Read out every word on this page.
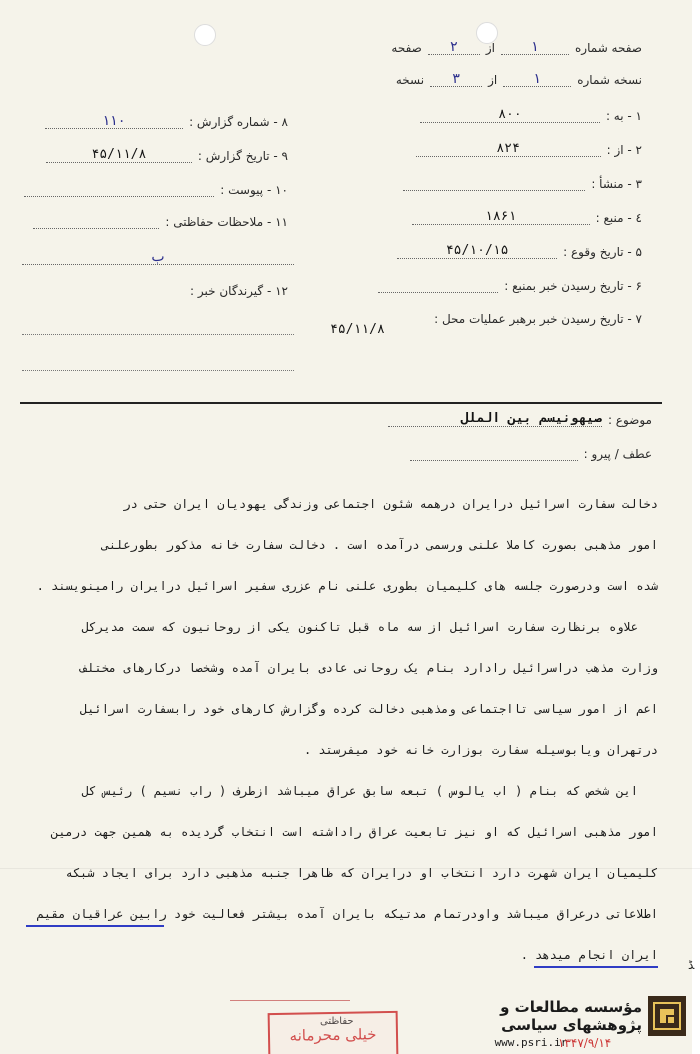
صفحه شماره
۱
از
۲
صفحه
نسخه شماره
۱
از
۳
نسخه
۱ - به :
۸۰۰
۲ - از :
۸۲۴
۳ - منشأ :
٤ - منبع :
۱۸۶۱
۵ - تاریخ وقوع :
۴۵/۱۰/۱۵
۶ - تاریخ رسیدن خبر بمنبع :
۷ - تاریخ رسیدن خبر برهبر عملیات محل :
۴۵/۱۱/۸
۸ - شماره گزارش :
۱۱۰
۹ - تاریخ گزارش :
۴۵/۱۱/۸
۱۰ - پیوست :
۱۱ - ملاحظات حفاظتی :
ب
۱۲ - گیرندگان خبر :
موضوع :
صیهونیسم بین الملل
عطف / پیرو :

دخالت سفارت اسرائیل درایران درهمه شئون اجتماعی وزندگی یهودیان ایران حتی در

امور مذهبی بصورت کاملا علنی ورسمی درآمده است . دخالت سفارت خانه مذکور بطورعلنی

شده است ودرصورت جلسه های کلیمیان بطوری علنی نام عزری سفیر اسرائیل درایران رامینویسند .

علاوه برنظارت سفارت اسرائیل از سه ماه قبل تاکنون یکی از روحانیون که سمت مدیرکل

وزارت مذهب دراسرائیل رادارد بنام یک روحانی عادی بایران آمده وشخصا درکارهای مختلف

اعم از امور سیاسی تااجتماعی ومذهبی دخالت کرده وگزارش کارهای خود رابسفارت اسرائیل

درتهران ویابوسیله سفارت بوزارت خانه خود میفرستد .

این شخص که بنام ( اب یالوس ) تبعه سابق عراق میباشد ازطرف ( راب نسیم ) رئیس کل

امور مذهبی اسرائیل که او نیز تابعیت عراق راداشته است انتخاب گردیده به همین جهت درمین

کلیمیان ایران شهرت دارد انتخاب او درایران که ظاهرا جنبه مذهبی دارد برای ایجاد شبکه

اطلاعاتی درعراق میباشد واودرتمام مدتیکه بایران آمده بیشتر فعالیت خود رابین عراقیان مقیم

ایران انجام میدهد .

ﮉ
حفاظتی
خیلی محرمانه
مؤسسه مطالعات و پژوهشهای سیاسی
www.psri.ir
۱۳۴۷/۹/۱۴
